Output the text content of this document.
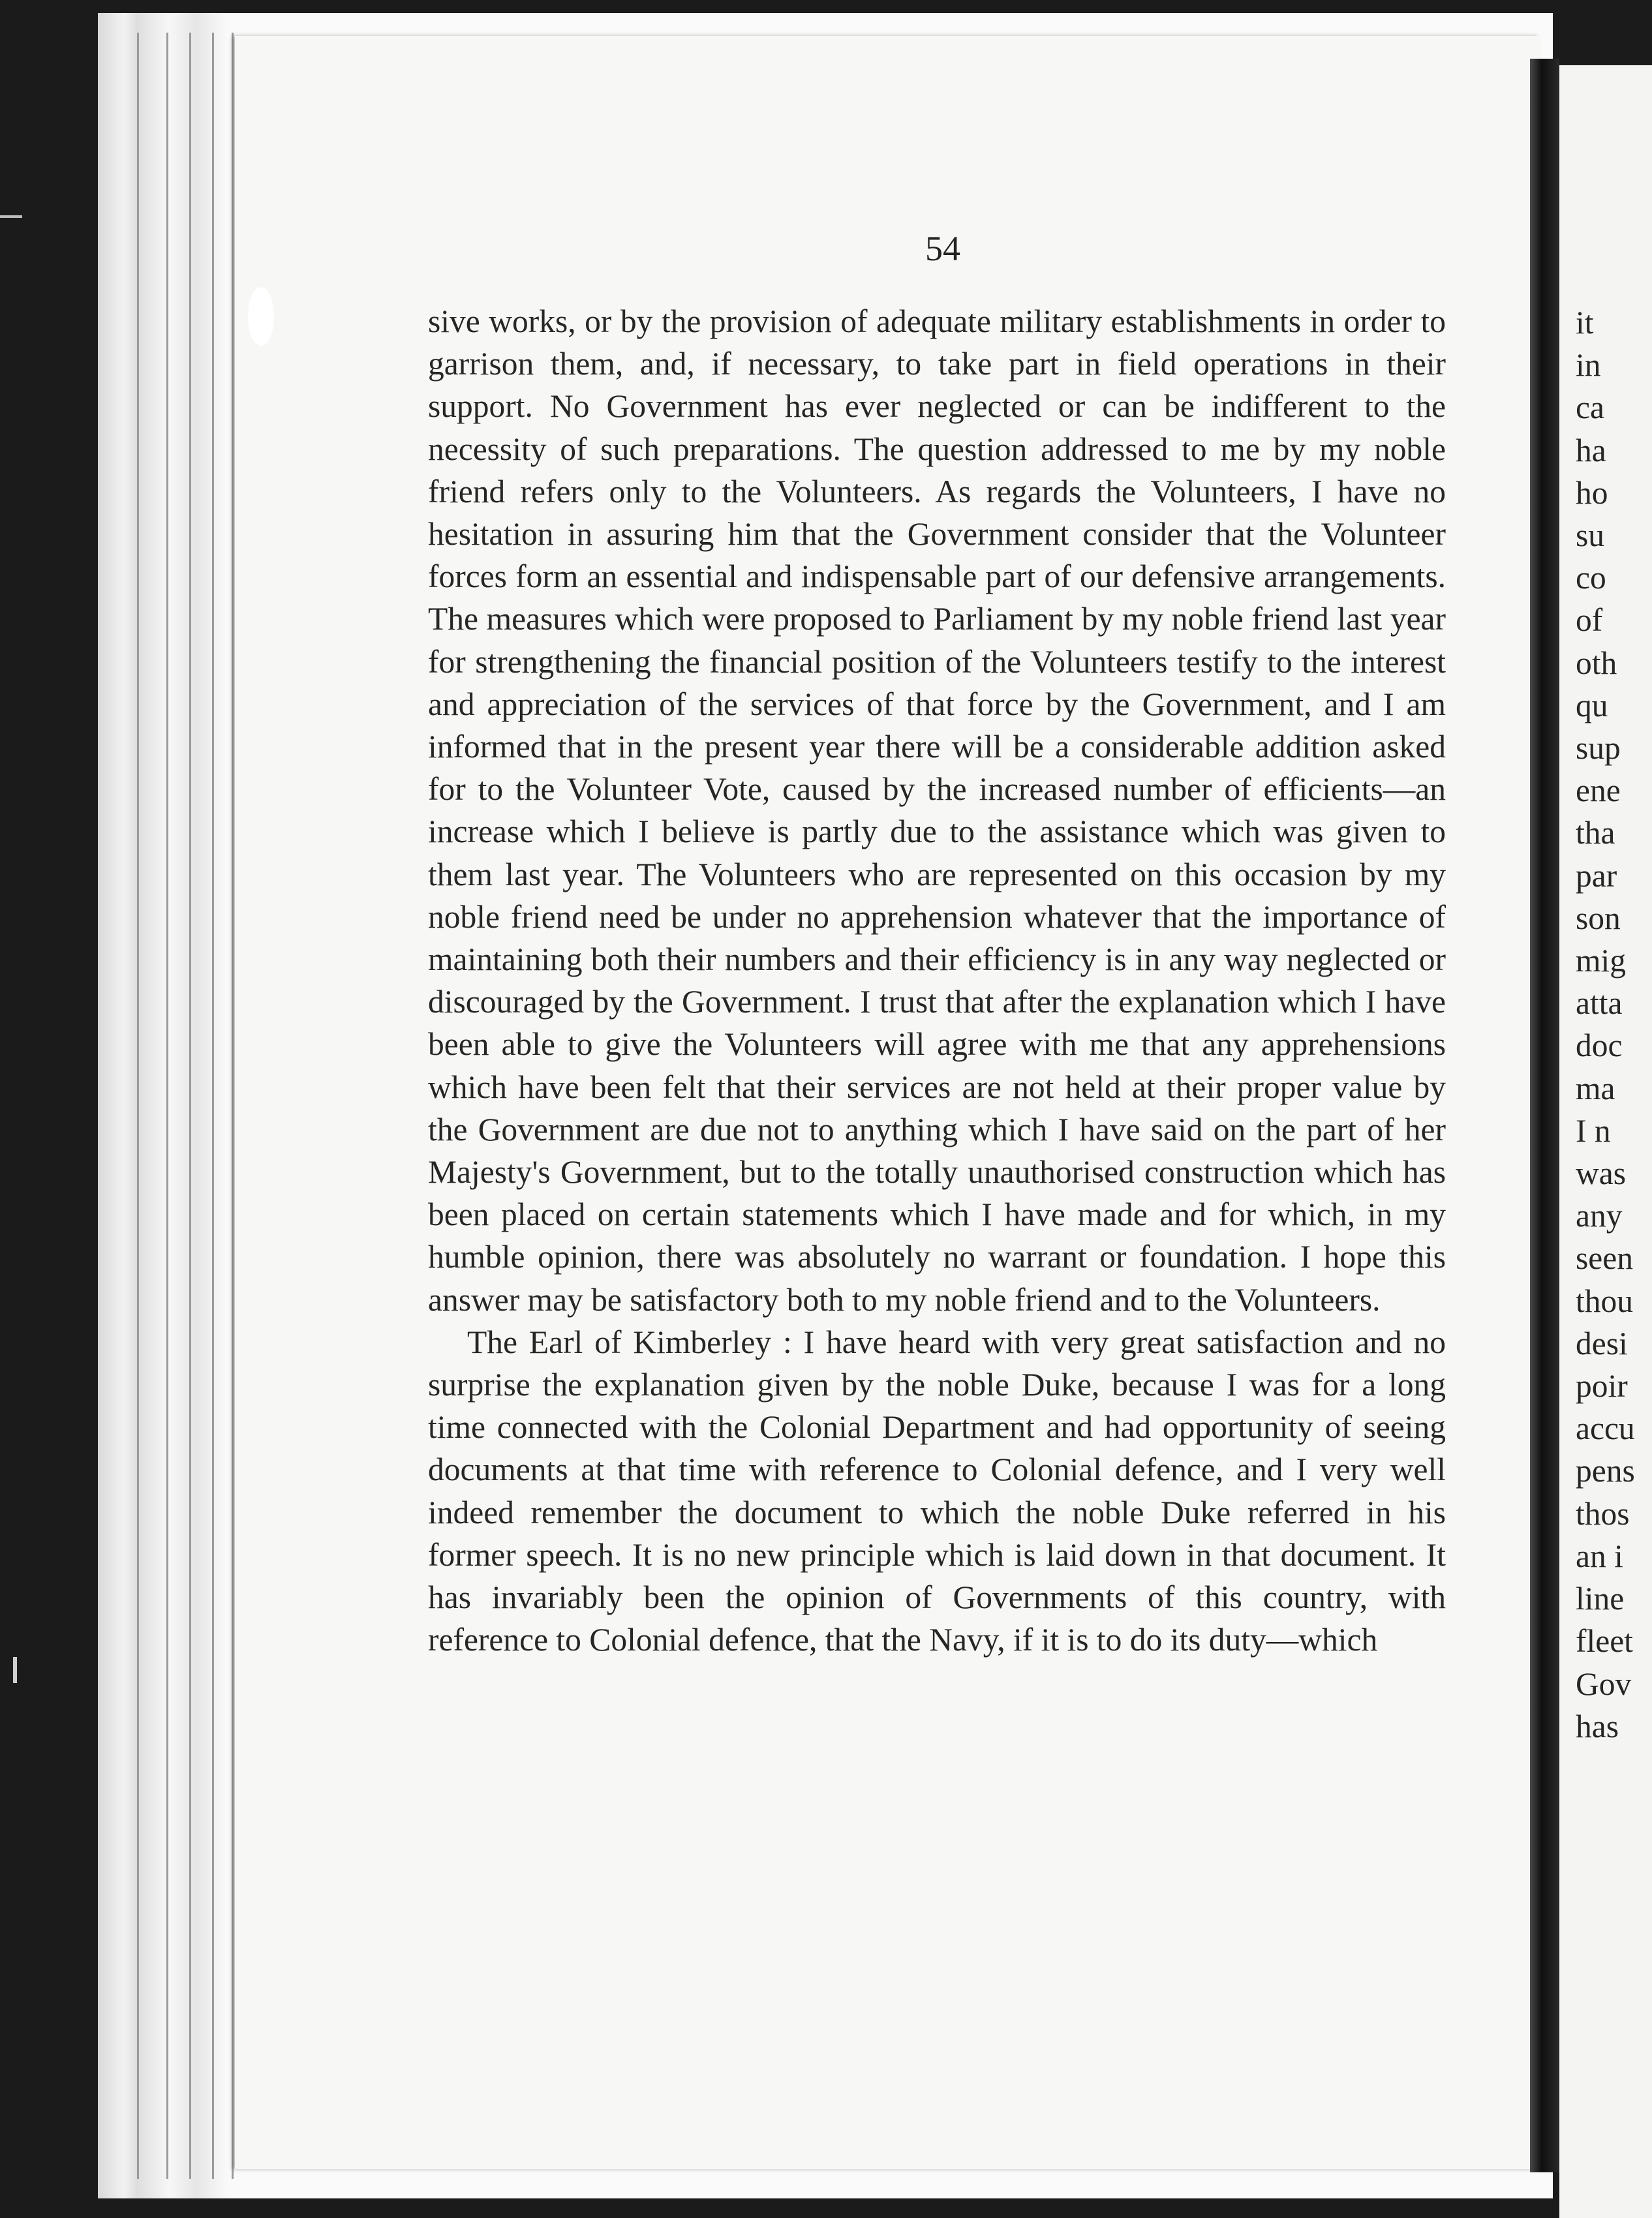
54

sive works, or by the provision of adequate military establishments in order to garrison them, and, if necessary, to take part in field operations in their support. No Government has ever neglected or can be indifferent to the necessity of such preparations. The question addressed to me by my noble friend refers only to the Volunteers. As regards the Volunteers, I have no hesitation in assuring him that the Government consider that the Volunteer forces form an essential and indispensable part of our defensive arrangements. The measures which were proposed to Parliament by my noble friend last year for strengthening the financial position of the Volunteers testify to the interest and appreciation of the services of that force by the Government, and I am informed that in the present year there will be a considerable addition asked for to the Volunteer Vote, caused by the increased number of efficients—an increase which I believe is partly due to the assistance which was given to them last year. The Volunteers who are represented on this occasion by my noble friend need be under no apprehension whatever that the importance of maintaining both their numbers and their efficiency is in any way neglected or discouraged by the Government. I trust that after the explanation which I have been able to give the Volunteers will agree with me that any apprehensions which have been felt that their services are not held at their proper value by the Government are due not to anything which I have said on the part of her Majesty's Government, but to the totally unauthorised construction which has been placed on certain statements which I have made and for which, in my humble opinion, there was absolutely no warrant or foundation. I hope this answer may be satisfactory both to my noble friend and to the Volunteers.

The Earl of Kimberley : I have heard with very great satisfaction and no surprise the explanation given by the noble Duke, because I was for a long time connected with the Colonial Department and had opportunity of seeing documents at that time with reference to Colonial defence, and I very well indeed remember the document to which the noble Duke referred in his former speech. It is no new principle which is laid down in that document. It has invariably been the opinion of Governments of this country, with reference to Colonial defence, that the Navy, if it is to do its duty—which

it
in
ca
ha
ho
su
co
of
oth
qu
sup
ene
tha
par
son
mig
atta
doc
ma
I n
was
any
seen
thou
desi
poir
accu
pens
thos
an i
line
fleet
Gov
has
